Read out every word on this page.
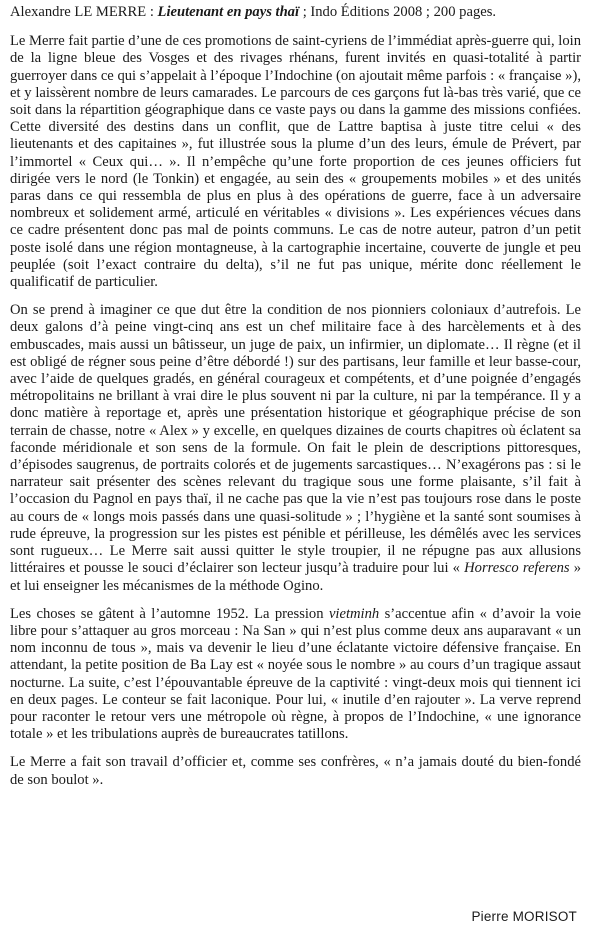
Alexandre LE MERRE : Lieutenant en pays thaï ; Indo Éditions 2008 ; 200 pages.

Le Merre fait partie d’une de ces promotions de saint-cyriens de l’immédiat après-guerre qui, loin de la ligne bleue des Vosges et des rivages rhénans, furent invités en quasi-totalité à partir guerroyer dans ce qui s’appelait à l’époque l’Indochine (on ajoutait même parfois : « française »), et y laissèrent nombre de leurs camarades. Le parcours de ces garçons fut là-bas très varié, que ce soit dans la répartition géographique dans ce vaste pays ou dans la gamme des missions confiées. Cette diversité des destins dans un conflit, que de Lattre baptisa à juste titre celui « des lieutenants et des capitaines », fut illustrée sous la plume d’un des leurs, émule de Prévert, par l’immortel « Ceux qui… ». Il n’empêche qu’une forte proportion de ces jeunes officiers fut dirigée vers le nord (le Tonkin) et engagée, au sein des « groupements mobiles » et des unités paras dans ce qui ressembla de plus en plus à des opérations de guerre, face à un adversaire nombreux et solidement armé, articulé en véritables « divisions ». Les expériences vécues dans ce cadre présentent donc pas mal de points communs. Le cas de notre auteur, patron d’un petit poste isolé dans une région montagneuse, à la cartographie incertaine, couverte de jungle et peu peuplée (soit l’exact contraire du delta), s’il ne fut pas unique, mérite donc réellement le qualificatif de particulier.

On se prend à imaginer ce que dut être la condition de nos pionniers coloniaux d’autrefois. Le deux galons d’à peine vingt-cinq ans est un chef militaire face à des harcèlements et à des embuscades, mais aussi un bâtisseur, un juge de paix, un infirmier, un diplomate… Il règne (et il est obligé de régner sous peine d’être débordé !) sur des partisans, leur famille et leur basse-cour, avec l’aide de quelques gradés, en général courageux et compétents, et d’une poignée d’engagés métropolitains ne brillant à vrai dire le plus souvent ni par la culture, ni par la tempérance. Il y a donc matière à reportage et, après une présentation historique et géographique précise de son terrain de chasse, notre « Alex » y excelle, en quelques dizaines de courts chapitres où éclatent sa faconde méridionale et son sens de la formule. On fait le plein de descriptions pittoresques, d’épisodes saugrenus, de portraits colorés et de jugements sarcastiques… N’exagérons pas : si le narrateur sait présenter des scènes relevant du tragique sous une forme plaisante, s’il fait à l’occasion du Pagnol en pays thaï, il ne cache pas que la vie n’est pas toujours rose dans le poste au cours de « longs mois passés dans une quasi-solitude » ; l’hygiène et la santé sont soumises à rude épreuve, la progression sur les pistes est pénible et périlleuse, les démêlés avec les services sont rugueux… Le Merre sait aussi quitter le style troupier, il ne répugne pas aux allusions littéraires et pousse le souci d’éclairer son lecteur jusqu’à traduire pour lui « Horresco referens » et lui enseigner les mécanismes de la méthode Ogino.

Les choses se gâtent à l’automne 1952. La pression vietminh s’accentue afin « d’avoir la voie libre pour s’attaquer au gros morceau : Na San » qui n’est plus comme deux ans auparavant « un nom inconnu de tous », mais va devenir le lieu d’une éclatante victoire défensive française. En attendant, la petite position de Ba Lay est « noyée sous le nombre » au cours d’un tragique assaut nocturne. La suite, c’est l’épouvantable épreuve de la captivité : vingt-deux mois qui tiennent ici en deux pages. Le conteur se fait laconique. Pour lui, « inutile d’en rajouter ». La verve reprend pour raconter le retour vers une métropole où règne, à propos de l’Indochine, « une ignorance totale » et les tribulations auprès de bureaucrates tatillons.

Le Merre a fait son travail d’officier et, comme ses confrères, « n’a jamais douté du bien-fondé de son boulot ».

Pierre MORISOT
